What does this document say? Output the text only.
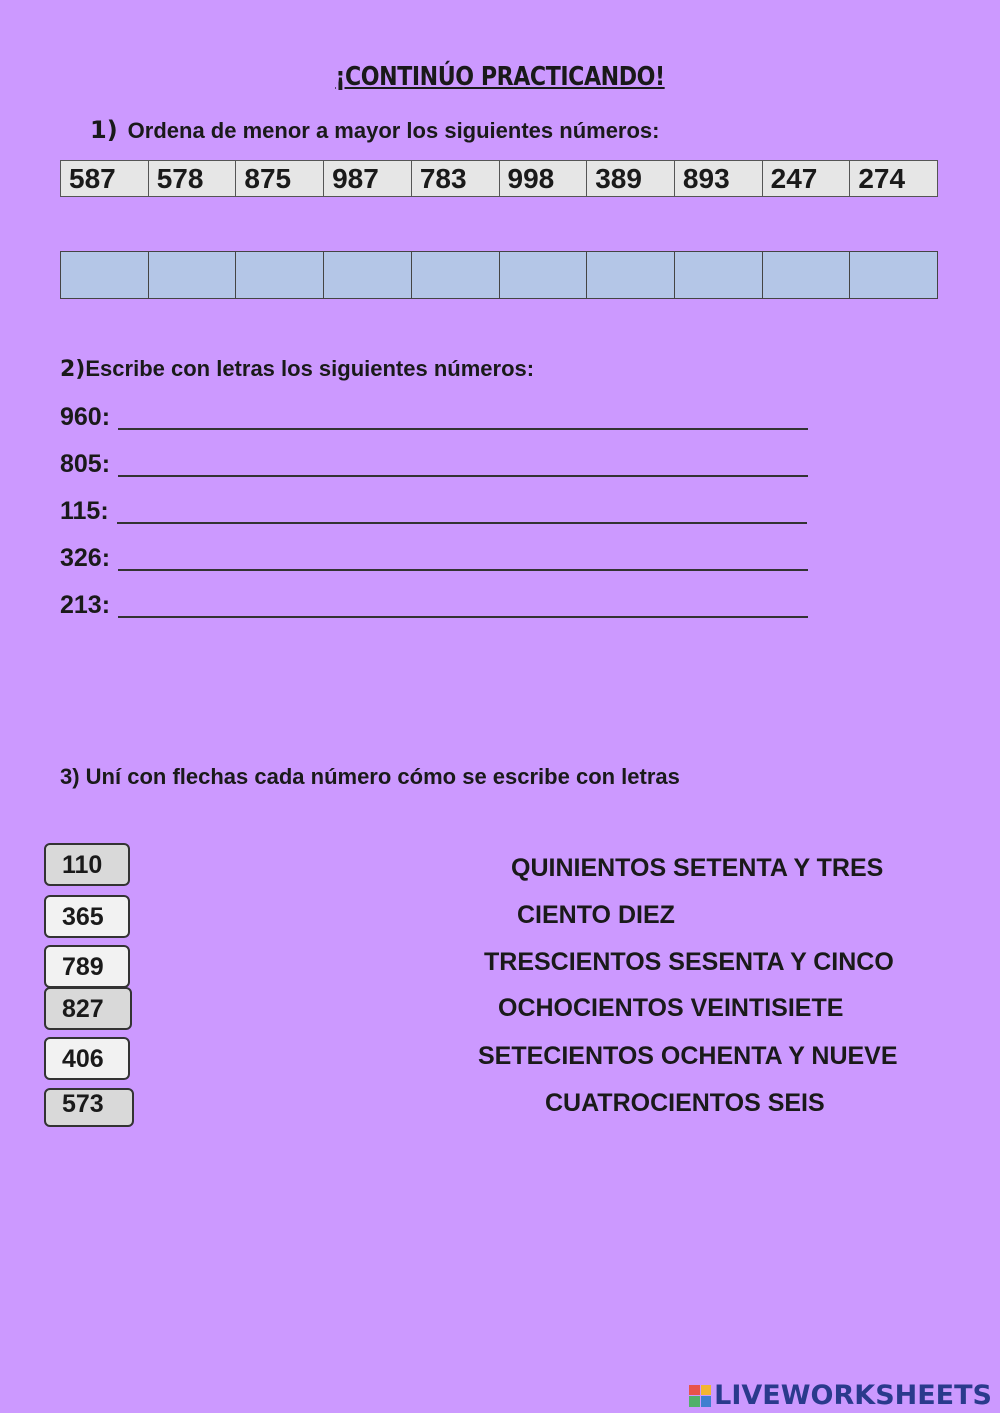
¡CONTINÚO PRACTICANDO!
1) Ordena de menor a mayor los siguientes números:
587	578	875	987	783	998	389	893	247	274
2)Escribe con letras los siguientes números:
960:
805:
115:
326:
213:
3) Uní con flechas cada número cómo se escribe con letras
110
365
789
827
406
573
QUINIENTOS SETENTA Y TRES
CIENTO DIEZ
TRESCIENTOS SESENTA Y CINCO
OCHOCIENTOS VEINTISIETE
SETECIENTOS OCHENTA Y NUEVE
CUATROCIENTOS SEIS
LIVEWORKSHEETS
